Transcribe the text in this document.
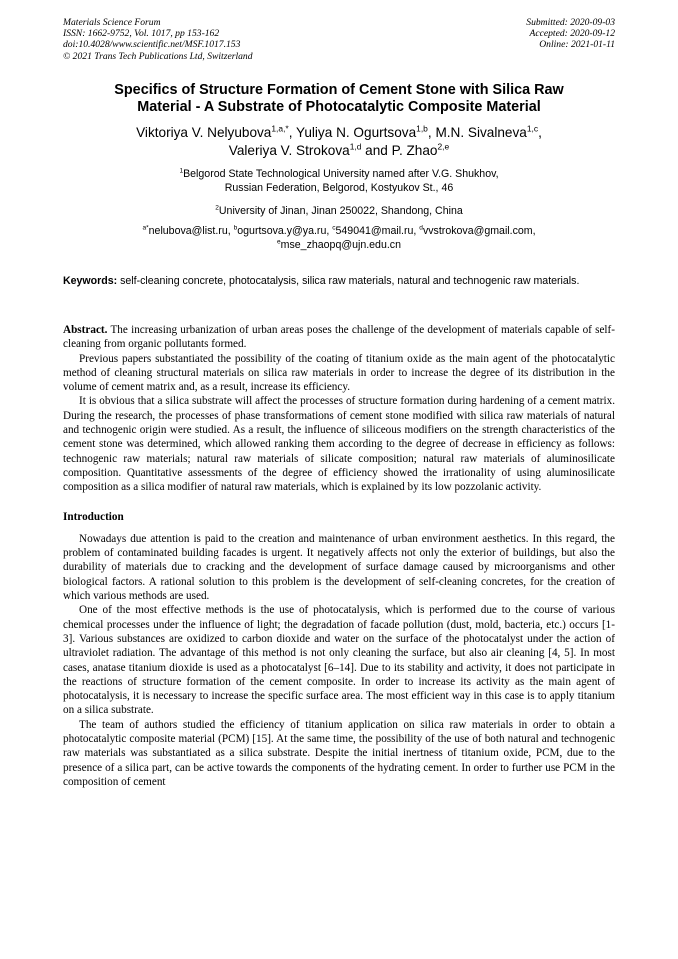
Materials Science Forum
ISSN: 1662-9752, Vol. 1017, pp 153-162
doi:10.4028/www.scientific.net/MSF.1017.153
© 2021 Trans Tech Publications Ltd, Switzerland
Submitted: 2020-09-03
Accepted: 2020-09-12
Online: 2021-01-11
Specifics of Structure Formation of Cement Stone with Silica Raw
Material - A Substrate of Photocatalytic Composite Material
Viktoriya V. Nelyubova$^{1,a,*}$, Yuliya N. Ogurtsova$^{1,b}$, M.N. Sivalneva$^{1,c}$,
Valeriya V. Strokova$^{1,d}$ and P. Zhao$^{2,e}$
$^1$Belgorod State Technological University named after V.G. Shukhov,
Russian Federation, Belgorod, Kostyukov St., 46
$^2$University of Jinan, Jinan 250022, Shandong, China
$^{a*}$nelubova@list.ru, $^b$ogurtsova.y@ya.ru, $^c$549041@mail.ru, $^d$vvstrokova@gmail.com,
$^e$mse_zhaopq@ujn.edu.cn
Keywords: self-cleaning concrete, photocatalysis, silica raw materials, natural and technogenic raw materials.

Abstract. The increasing urbanization of urban areas poses the challenge of the development of materials capable of self-cleaning from organic pollutants formed.

Previous papers substantiated the possibility of the coating of titanium oxide as the main agent of the photocatalytic method of cleaning structural materials on silica raw materials in order to increase the degree of its distribution in the volume of cement matrix and, as a result, increase its efficiency.

It is obvious that a silica substrate will affect the processes of structure formation during hardening of a cement matrix. During the research, the processes of phase transformations of cement stone modified with silica raw materials of natural and technogenic origin were studied. As a result, the influence of siliceous modifiers on the strength characteristics of the cement stone was determined, which allowed ranking them according to the degree of decrease in efficiency as follows: technogenic raw materials; natural raw materials of silicate composition; natural raw materials of aluminosilicate composition. Quantitative assessments of the degree of efficiency showed the irrationality of using aluminosilicate composition as a silica modifier of natural raw materials, which is explained by its low pozzolanic activity.

Introduction

Nowadays due attention is paid to the creation and maintenance of urban environment aesthetics. In this regard, the problem of contaminated building facades is urgent. It negatively affects not only the exterior of buildings, but also the durability of materials due to cracking and the development of surface damage caused by microorganisms and other biological factors. A rational solution to this problem is the development of self-cleaning concretes, for the creation of which various methods are used.

One of the most effective methods is the use of photocatalysis, which is performed due to the course of various chemical processes under the influence of light; the degradation of facade pollution (dust, mold, bacteria, etc.) occurs [1-3]. Various substances are oxidized to carbon dioxide and water on the surface of the photocatalyst under the action of ultraviolet radiation. The advantage of this method is not only cleaning the surface, but also air cleaning [4, 5]. In most cases, anatase titanium dioxide is used as a photocatalyst [6–14]. Due to its stability and activity, it does not participate in the reactions of structure formation of the cement composite. In order to increase its activity as the main agent of photocatalysis, it is necessary to increase the specific surface area. The most efficient way in this case is to apply titanium on a silica substrate.

The team of authors studied the efficiency of titanium application on silica raw materials in order to obtain a photocatalytic composite material (PCM) [15]. At the same time, the possibility of the use of both natural and technogenic raw materials was substantiated as a silica substrate. Despite the initial inertness of titanium oxide, PCM, due to the presence of a silica part, can be active towards the components of the hydrating cement. In order to further use PCM in the composition of cement
